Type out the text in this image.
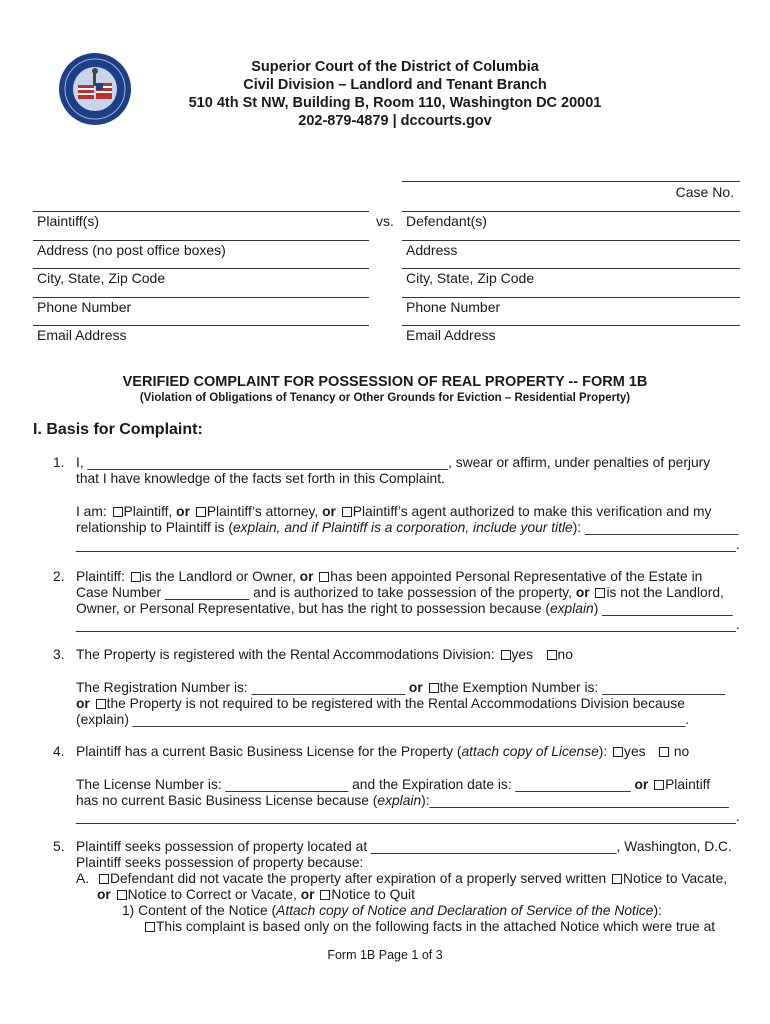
Superior Court of the District of Columbia
Civil Division – Landlord and Tenant Branch
510 4th St NW, Building B, Room 110, Washington DC 20001
202-879-4879 | dccourts.gov
Case No.
Plaintiff(s)
Address (no post office boxes)
City, State, Zip Code
Phone Number
Email Address
vs. Defendant(s)
Address
City, State, Zip Code
Phone Number
Email Address
VERIFIED COMPLAINT FOR POSSESSION OF REAL PROPERTY -- FORM 1B
(Violation of Obligations of Tenancy or Other Grounds for Eviction – Residential Property)
I. Basis for Complaint:
1. I, _______________________________________________, swear or affirm, under penalties of perjury
that I have knowledge of the facts set forth in this Complaint.
I am: Plaintiff, or Plaintiff’s attorney, or Plaintiff’s agent authorized to make this verification and my
relationship to Plaintiff is (explain, and if Plaintiff is a corporation, include your title): ____________________
______________________________________________________________________________________.
2. Plaintiff: is the Landlord or Owner, or has been appointed Personal Representative of the Estate in
Case Number ___________ and is authorized to take possession of the property, or is not the Landlord,
Owner, or Personal Representative, but has the right to possession because (explain) _________________
______________________________________________________________________________________.
3. The Property is registered with the Rental Accommodations Division: yes no
The Registration Number is: ____________________ or the Exemption Number is: ________________
or the Property is not required to be registered with the Rental Accommodations Division because
(explain) ________________________________________________________________________.
4. Plaintiff has a current Basic Business License for the Property (attach copy of License): yes no
The License Number is: ________________ and the Expiration date is: _______________ or Plaintiff
has no current Basic Business License because (explain):_______________________________________
______________________________________________________________________________________.
5. Plaintiff seeks possession of property located at ________________________________, Washington, D.C.
Plaintiff seeks possession of property because:
A.	Defendant did not vacate the property after expiration of a properly served written Notice to Vacate,
or Notice to Correct or Vacate, or Notice to Quit
1) Content of the Notice (Attach copy of Notice and Declaration of Service of the Notice):
This complaint is based only on the following facts in the attached Notice which were true at
Form 1B Page 1 of 3
